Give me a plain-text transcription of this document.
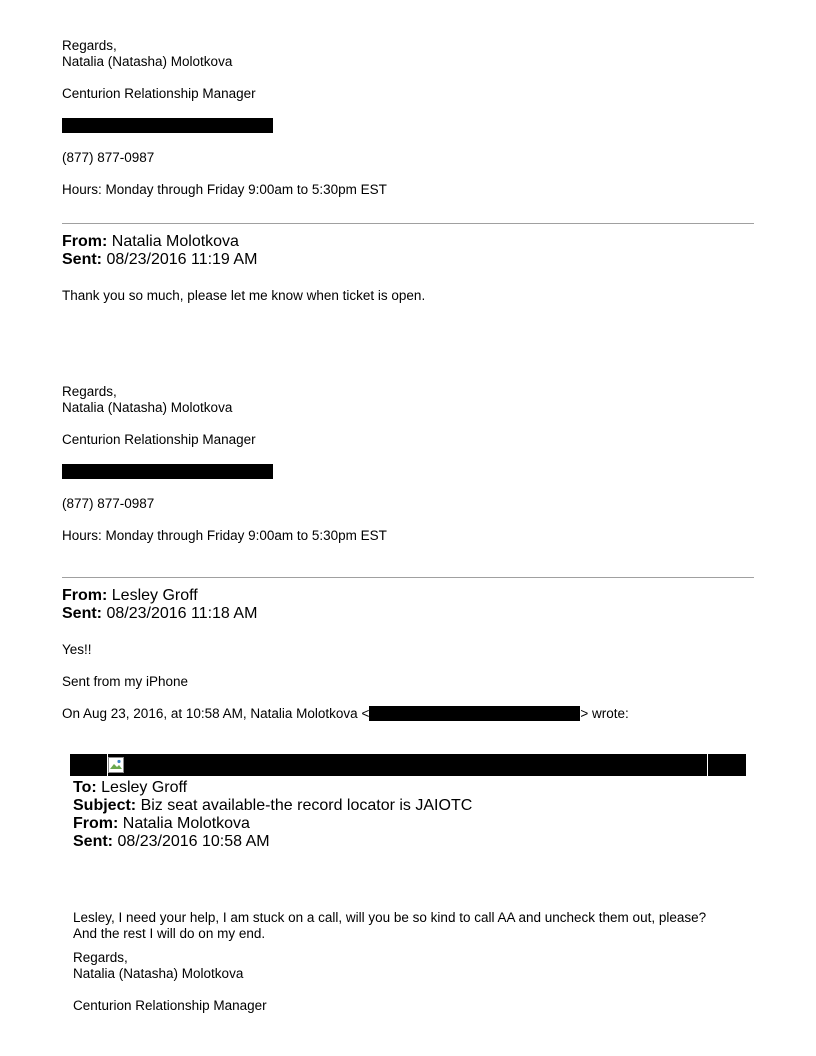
Regards,
Natalia (Natasha) Molotkova
Centurion Relationship Manager
(877) 877-0987
Hours: Monday through Friday 9:00am to 5:30pm EST
From: Natalia Molotkova
Sent: 08/23/2016 11:19 AM
Thank you so much, please let me know when ticket is open.
Regards,
Natalia (Natasha) Molotkova
Centurion Relationship Manager
(877) 877-0987
Hours: Monday through Friday 9:00am to 5:30pm EST
From: Lesley Groff
Sent: 08/23/2016 11:18 AM
Yes!!
Sent from my iPhone
On Aug 23, 2016, at 10:58 AM, Natalia Molotkova <	> wrote:
To: Lesley Groff
Subject: Biz seat available-the record locator is JAIOTC
From: Natalia Molotkova
Sent: 08/23/2016 10:58 AM
Lesley, I need your help, I am stuck on a call, will you be so kind to call AA and uncheck them out, please?
And the rest I will do on my end.
Regards,
Natalia (Natasha) Molotkova
Centurion Relationship Manager
